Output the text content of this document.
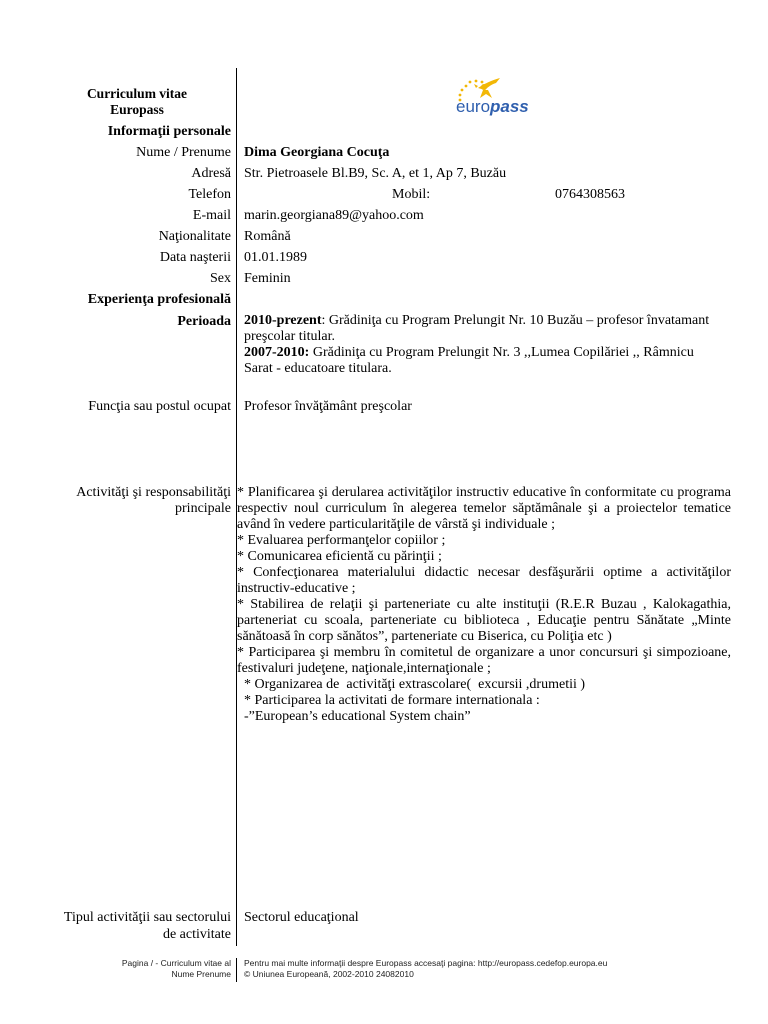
Curriculum vitae
Europass	euro pass
Informaţii personale
Nume / Prenume Dima Georgiana Cocuţa
Adresă Str. Pietroasele Bl.B9, Sc. A, et 1, Ap 7, Buzău
Telefon	Mobil:	0764308563
E-mail marin.georgiana89@yahoo.com
Naţionalitate Română
Data naşterii 01.01.1989
Sex Feminin
Experienţa profesională
Perioada 2010-prezent: Grădiniţa cu Program Prelungit Nr. 10 Buzău – profesor învatamant preşcolar titular.

2007-2010: Grădiniţa cu Program Prelungit Nr. 3 ,,Lumea Copilăriei ,, Râmnicu Sarat - educatoare titulara.

Funcţia sau postul ocupat Profesor învăţământ preşcolar
Activităţi şi responsabilităţi
principale

* Planificarea şi derularea activităţilor instructiv educative în conformitate cu programa respectiv noul curriculum în alegerea temelor săptămânale şi a proiectelor tematice având în vedere particularităţile de vârstă şi individuale ;

* Evaluarea performanţelor copiilor ;

* Comunicarea eficientă cu părinţii ;

* Confecţionarea materialului didactic necesar desfăşurării optime a activităţilor instructiv-educative ;

* Stabilirea de relaţii şi parteneriate cu alte instituţii (R.E.R Buzau , Kalokagathia, parteneriat cu scoala, parteneriate cu biblioteca , Educaţie pentru Sănătate „Minte sănătoasă în corp sănătos”, parteneriate cu Biserica, cu Poliţia etc )

* Participarea şi membru în comitetul de organizare a unor concursuri şi simpozioane, festivaluri judeţene, naţionale,internaţionale ;

* Organizarea de  activităţi extrascolare(  excursii ,drumetii )

* Participarea la activitati de formare internationala :

-”European’s educational System chain”

Tipul activităţii sau sectorului
de activitate
Sectorul educaţional
Pagina / - Curriculum vitae al
Nume Prenume
Pentru mai multe informaţii despre Europass accesaţi pagina: http://europass.cedefop.europa.eu
© Uniunea Europeană, 2002-2010 24082010
